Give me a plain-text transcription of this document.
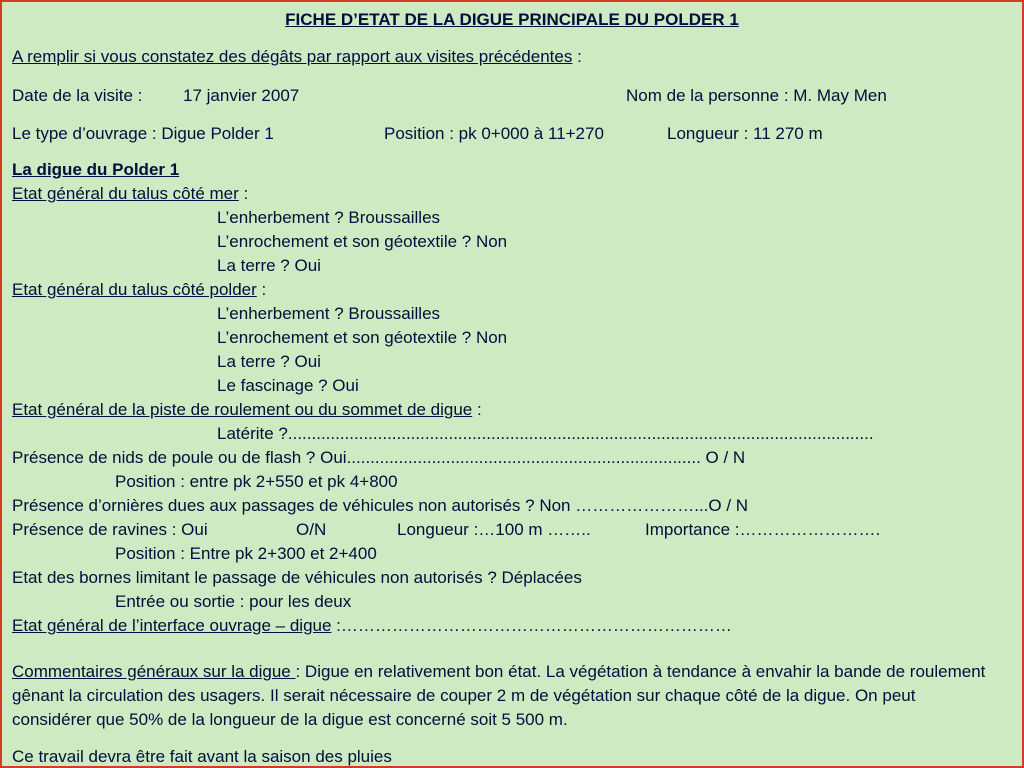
FICHE D’ETAT DE LA DIGUE PRINCIPALE DU POLDER 1
A remplir si vous constatez des dégâts par rapport aux visites précédentes :
Date de la visite : 17 janvier 2007	Nom de la personne : M. May Men
Le type d’ouvrage : Digue Polder 1	Position : pk 0+000 à 11+270	Longueur : 11 270 m
La digue du Polder 1
Etat général du talus côté mer :
L’enherbement ? Broussailles
L’enrochement et son géotextile ? Non
La terre ? Oui
Etat général du talus côté polder :
L’enherbement ? Broussailles
L’enrochement et son géotextile ? Non
La terre ? Oui
Le fascinage ? Oui
Etat général de la piste de roulement ou du sommet de digue :
Latérite ?............................................................................................................................
Présence de nids de poule ou de flash ? Oui........................................................................... O / N
Position : entre pk 2+550 et pk 4+800
Présence d’ornières dues aux passages de véhicules non autorisés ? Non …………………...O / N
Présence de ravines : Oui	O/N	Longueur :…100 m ……..	Importance :…………………….
Position : Entre pk 2+300 et 2+400
Etat des bornes limitant le passage de véhicules non autorisés ? Déplacées
Entrée ou sortie : pour les deux
Etat général de l’interface ouvrage – digue :……………………………………………………………
Commentaires généraux sur la digue : Digue en relativement bon état. La végétation à tendance à envahir la bande de roulement gênant la circulation des usagers. Il serait nécessaire de couper 2 m de végétation sur chaque côté de la digue. On peut considérer que 50% de la longueur de la digue est concerné soit 5 500 m.
Ce travail devra être fait avant la saison des pluies
